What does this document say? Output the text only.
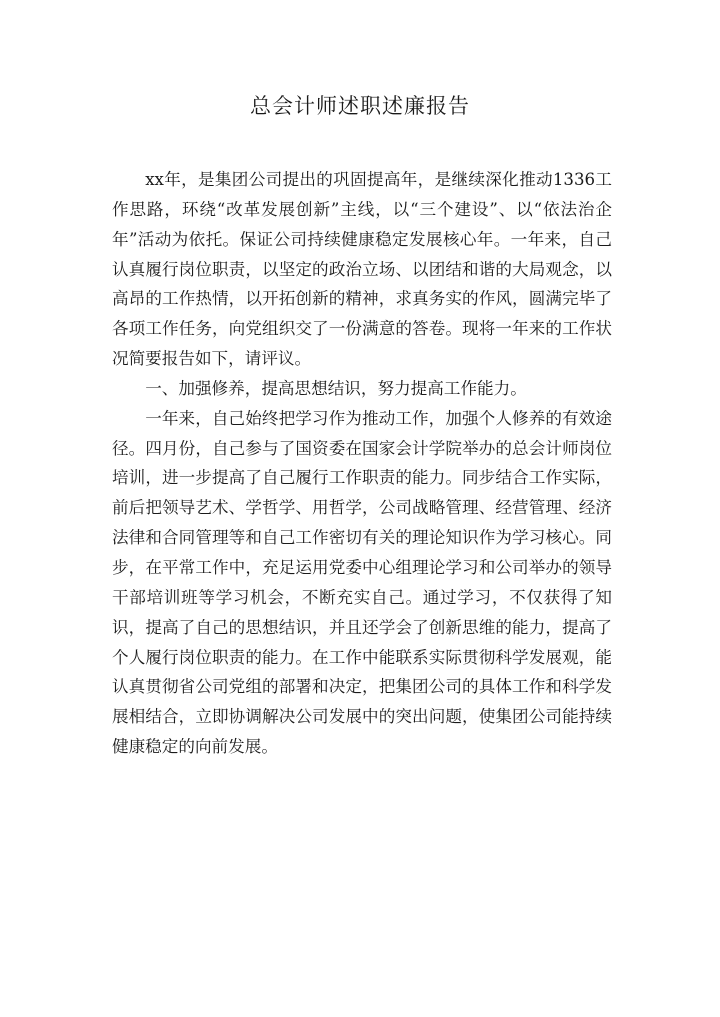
总会计师述职述廉报告

xx年，是集团公司提出的巩固提高年，是继续深化推动1336工作思路，环绕“改革发展创新”主线，以“三个建设”、以“依法治企年”活动为依托。保证公司持续健康稳定发展核心年。一年来，自己认真履行岗位职责，以坚定的政治立场、以团结和谐的大局观念，以高昂的工作热情，以开拓创新的精神，求真务实的作风，圆满完毕了各项工作任务，向党组织交了一份满意的答卷。现将一年来的工作状况简要报告如下，请评议。

一、加强修养，提高思想结识，努力提高工作能力。

一年来，自己始终把学习作为推动工作，加强个人修养的有效途径。四月份，自己参与了国资委在国家会计学院举办的总会计师岗位培训，进一步提高了自己履行工作职责的能力。同步结合工作实际，前后把领导艺术、学哲学、用哲学，公司战略管理、经营管理、经济法律和合同管理等和自己工作密切有关的理论知识作为学习核心。同步，在平常工作中，充足运用党委中心组理论学习和公司举办的领导干部培训班等学习机会，不断充实自己。通过学习，不仅获得了知识，提高了自己的思想结识，并且还学会了创新思维的能力，提高了个人履行岗位职责的能力。在工作中能联系实际贯彻科学发展观，能认真贯彻省公司党组的部署和决定，把集团公司的具体工作和科学发展相结合，立即协调解决公司发展中的突出问题，使集团公司能持续健康稳定的向前发展。
